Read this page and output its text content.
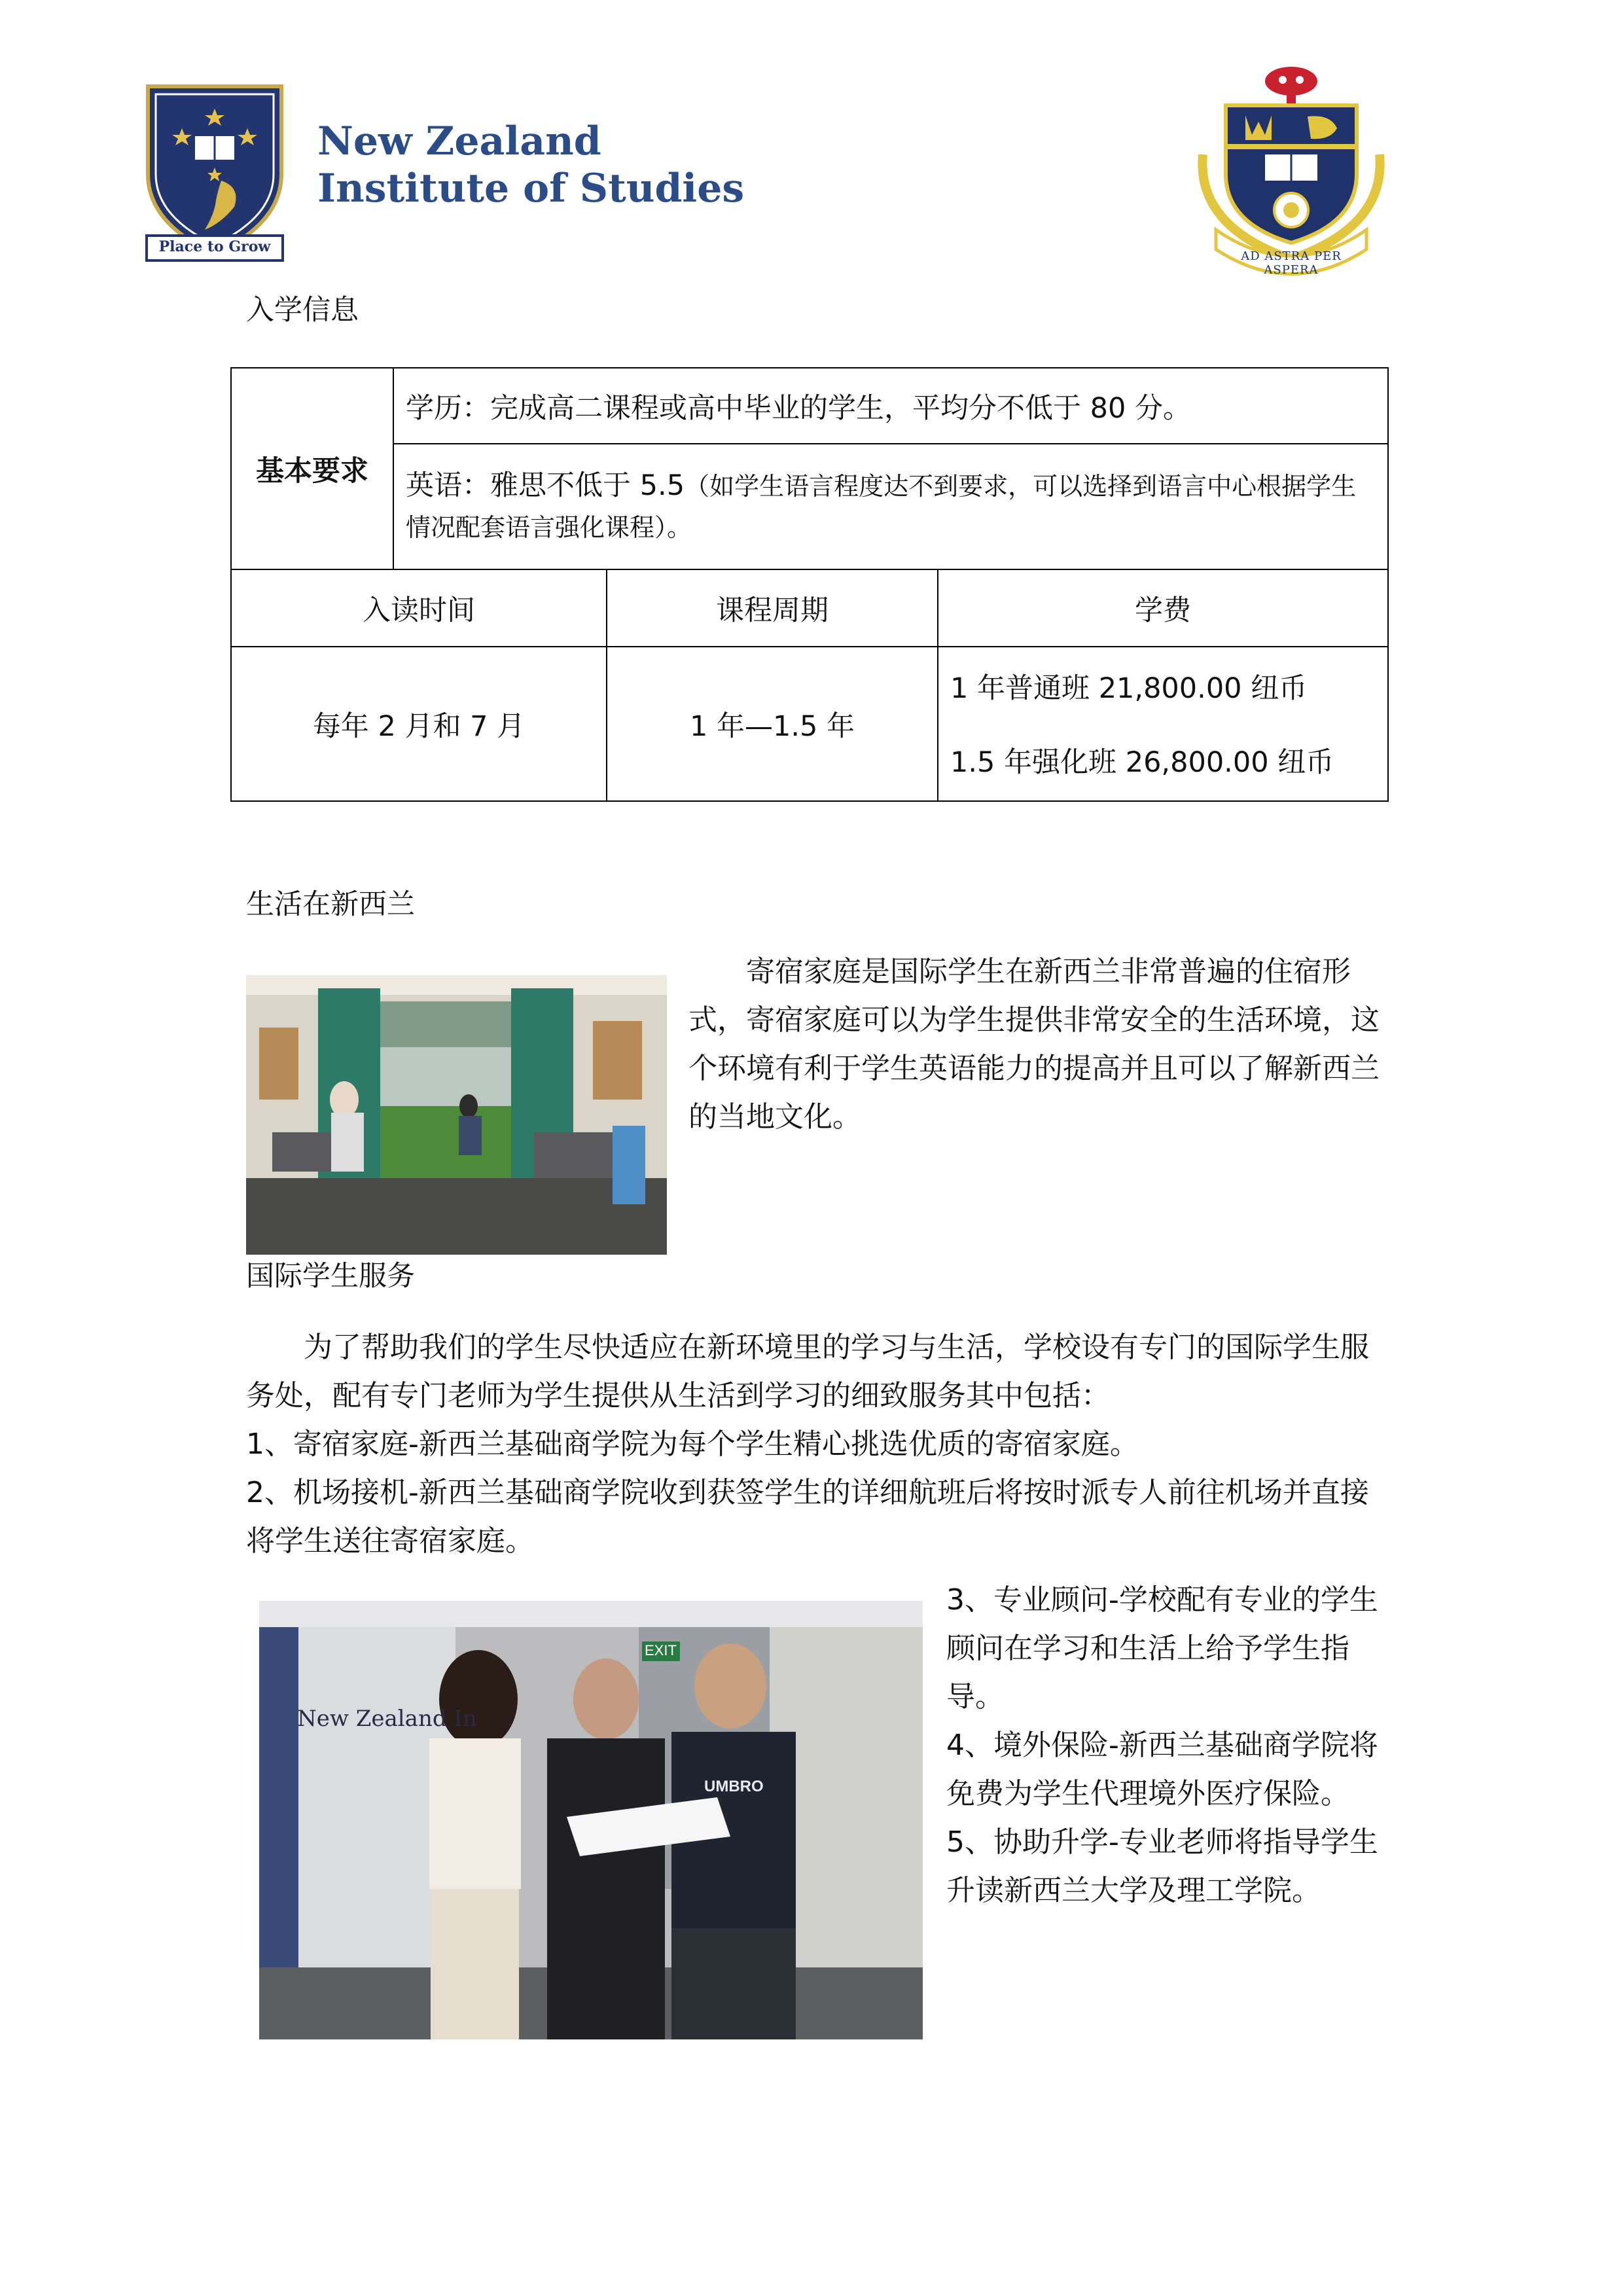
Place to Grow
New Zealand
Institute of Studies
AD ASTRA PER ASPERA
入学信息
基本要求	学历：完成高二课程或高中毕业的学生，平均分不低于 80 分。		

	英语：雅思不低于 5.5（如学生语言程度达不到要求，可以选择到语言中心根据学生情况配套语言强化课程）。		

入读时间		课程周期	学费
每年 2 月和 7 月		1 年—1.5 年	1 年普通班 21,800.00 纽币
1.5 年强化班 26,800.00 纽币
生活在新西兰
寄宿家庭是国际学生在新西兰非常普遍的住宿形式，寄宿家庭可以为学生提供非常安全的生活环境，这个环境有利于学生英语能力的提高并且可以了解新西兰的当地文化。
国际学生服务
为了帮助我们的学生尽快适应在新环境里的学习与生活，学校设有专门的国际学生服务处，配有专门老师为学生提供从生活到学习的细致服务其中包括：
1、寄宿家庭-新西兰基础商学院为每个学生精心挑选优质的寄宿家庭。
2、机场接机-新西兰基础商学院收到获签学生的详细航班后将按时派专人前往机场并直接将学生送往寄宿家庭。
New Zealand In
EXIT
UMBRO
3、专业顾问-学校配有专业的学生顾问在学习和生活上给予学生指导。
4、境外保险-新西兰基础商学院将免费为学生代理境外医疗保险。
5、协助升学-专业老师将指导学生升读新西兰大学及理工学院。
